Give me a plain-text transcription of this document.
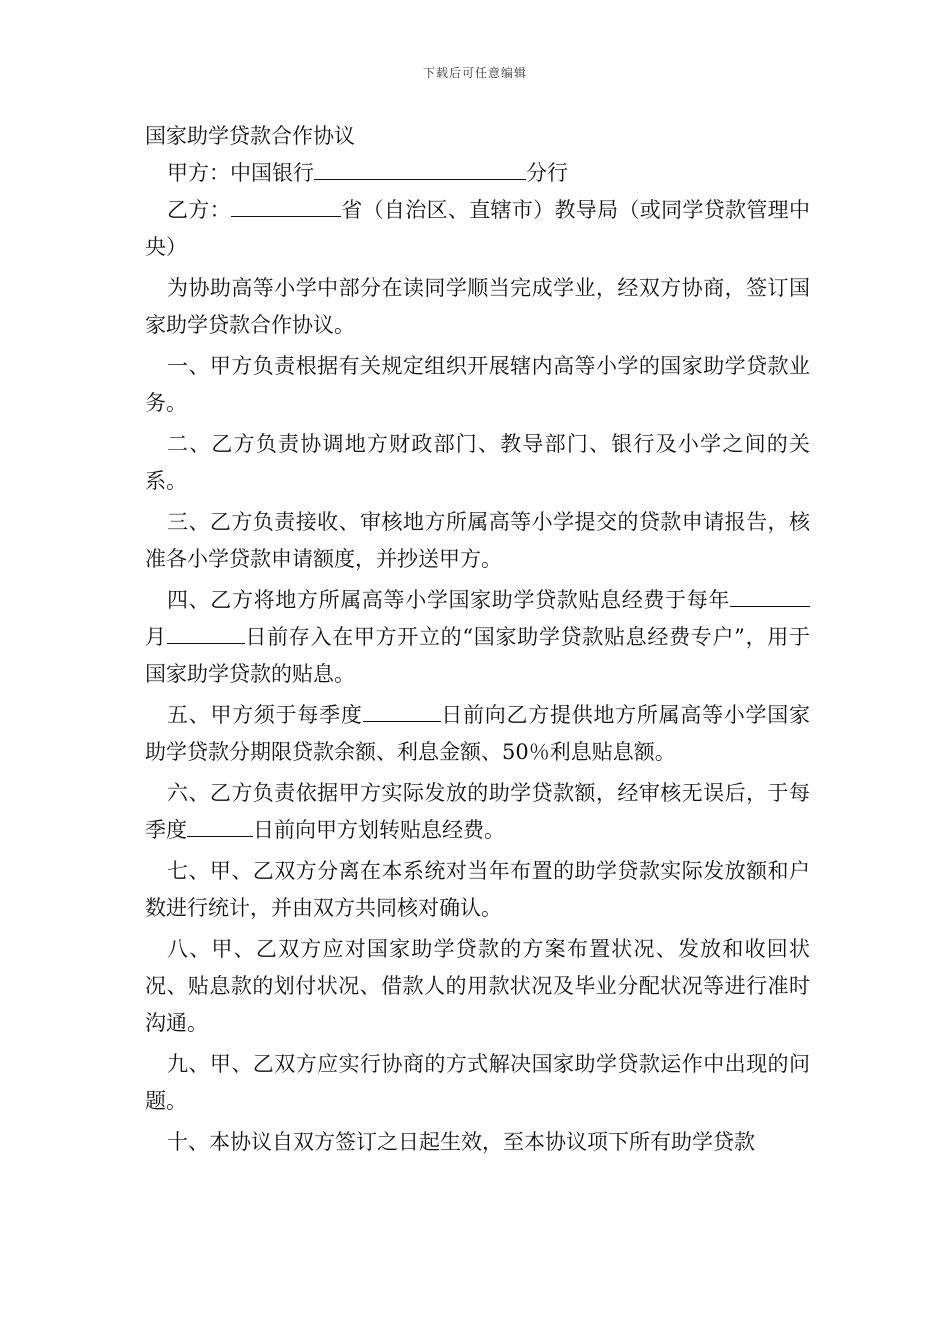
下载后可任意编辑
国家助学贷款合作协议

甲方：中国银行	分行

乙方：	省（自治区、直辖市）教导局（或同学贷款管理中央）

为协助高等小学中部分在读同学顺当完成学业，经双方协商，签订国家助学贷款合作协议。

一、甲方负责根据有关规定组织开展辖内高等小学的国家助学贷款业务。

二、乙方负责协调地方财政部门、教导部门、银行及小学之间的关系。

三、乙方负责接收、审核地方所属高等小学提交的贷款申请报告，核准各小学贷款申请额度，并抄送甲方。

四、乙方将地方所属高等小学国家助学贷款贴息经费于每年月	日前存入在甲方开立的“国家助学贷款贴息经费专户”，用于国家助学贷款的贴息。

五、甲方须于每季度	日前向乙方提供地方所属高等小学国家助学贷款分期限贷款余额、利息金额、50％利息贴息额。

六、乙方负责依据甲方实际发放的助学贷款额，经审核无误后，于每季度	日前向甲方划转贴息经费。

七、甲、乙双方分离在本系统对当年布置的助学贷款实际发放额和户数进行统计，并由双方共同核对确认。

八、甲、乙双方应对国家助学贷款的方案布置状况、发放和收回状况、贴息款的划付状况、借款人的用款状况及毕业分配状况等进行准时沟通。

九、甲、乙双方应实行协商的方式解决国家助学贷款运作中出现的问题。

十、本协议自双方签订之日起生效，至本协议项下所有助学贷款
